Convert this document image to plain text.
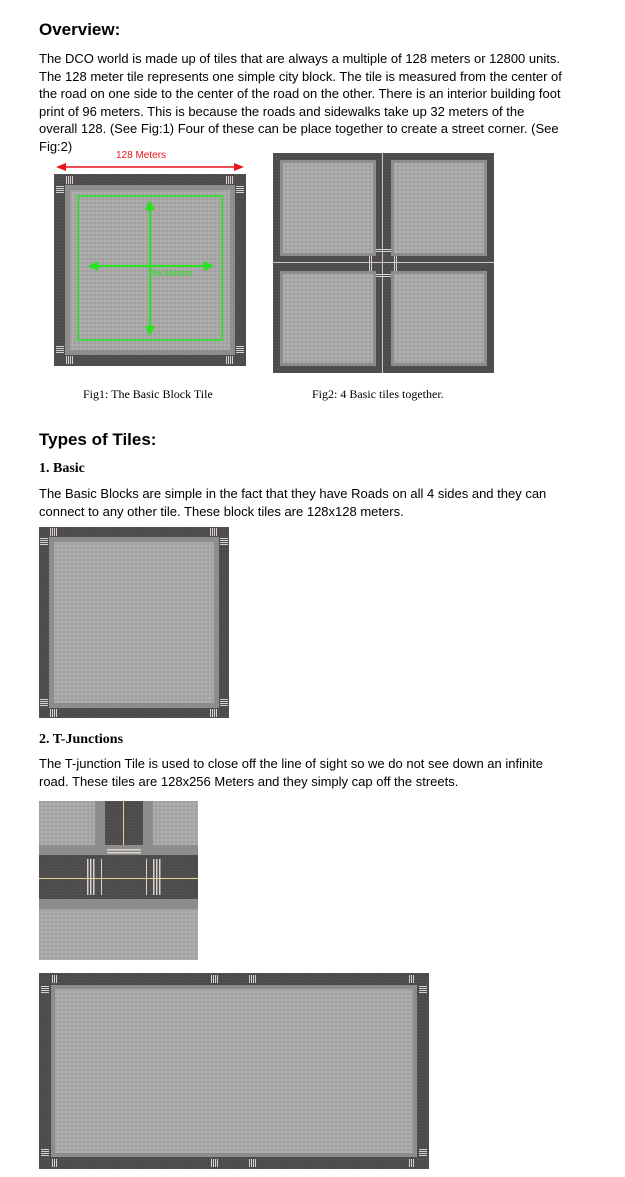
Overview:
The DCO world is made up of tiles that are always a multiple of 128 meters or 12800 units.
The 128 meter tile represents one simple city block. The tile is measured from the center of
the road on one side to the center of the road on the other. There is an interior building foot
print of 96 meters. This is because the roads and sidewalks take up 32 meters of the
overall 128. (See Fig:1) Four of these can be place together to create a street corner. (See
Fig:2)
128 Meters
96 Meters
Fig1: The Basic Block Tile	Fig2: 4 Basic tiles together.
Types of Tiles:
1. Basic
The Basic Blocks are simple in the fact that they have Roads on all 4 sides and they can
connect to any other tile. These block tiles are 128x128 meters.
2. T-Junctions
The T-junction Tile is used to close off the line of sight so we do not see down an infinite
road. These tiles are 128x256 Meters and they simply cap off the streets.
